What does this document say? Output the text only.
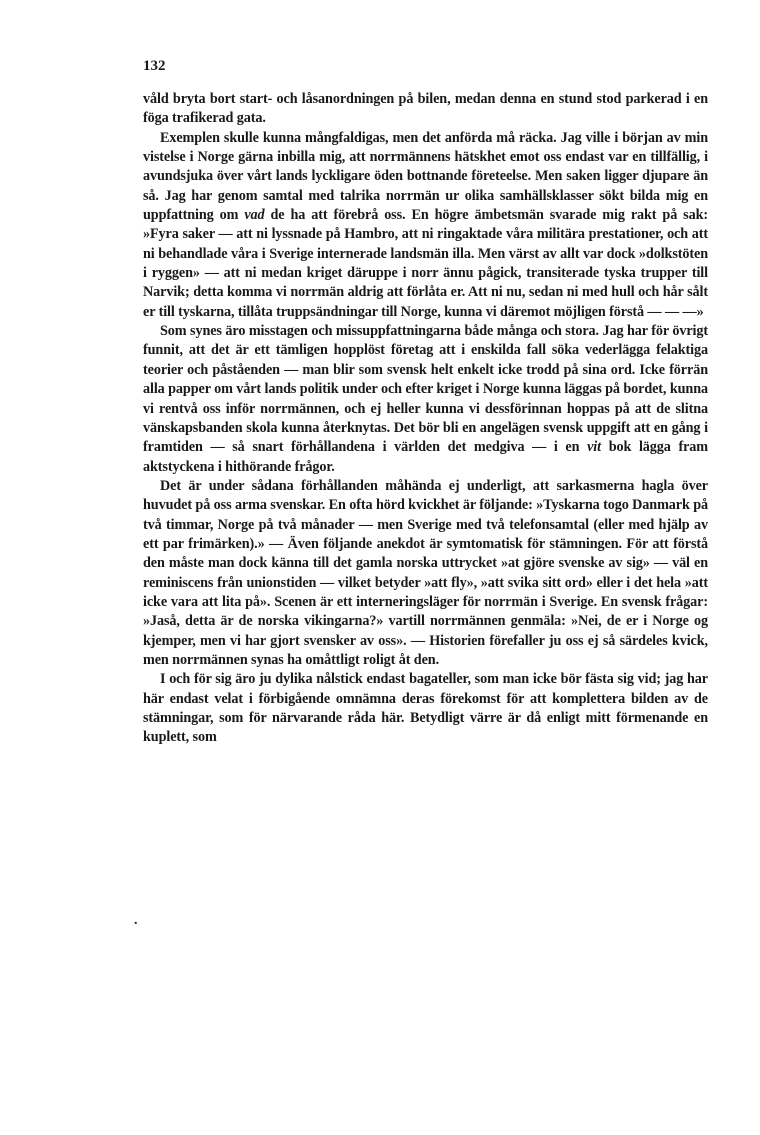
132

våld bryta bort start- och låsanordningen på bilen, medan denna en stund stod parkerad i en föga trafikerad gata.

Exemplen skulle kunna mångfaldigas, men det anförda må räcka. Jag ville i början av min vistelse i Norge gärna inbilla mig, att norrmännens hätskhet emot oss endast var en tillfällig, i avundsjuka över vårt lands lyckligare öden bottnande företeelse. Men saken ligger djupare än så. Jag har genom samtal med talrika norrmän ur olika samhällsklasser sökt bilda mig en uppfattning om vad de ha att förebrå oss. En högre ämbetsmän svarade mig rakt på sak: »Fyra saker — att ni lyssnade på Hambro, att ni ringaktade våra militära prestationer, och att ni behandlade våra i Sverige internerade landsmän illa. Men värst av allt var dock »dolkstöten i ryggen» — att ni medan kriget däruppe i norr ännu pågick, transiterade tyska trupper till Narvik; detta komma vi norrmän aldrig att förlåta er. Att ni nu, sedan ni med hull och hår sålt er till tyskarna, tillåta truppsändningar till Norge, kunna vi däremot möjligen förstå — — —»

Som synes äro misstagen och missuppfattningarna både många och stora. Jag har för övrigt funnit, att det är ett tämligen hopplöst företag att i enskilda fall söka vederlägga felaktiga teorier och påståenden — man blir som svensk helt enkelt icke trodd på sina ord. Icke förrän alla papper om vårt lands politik under och efter kriget i Norge kunna läggas på bordet, kunna vi rentvå oss inför norrmännen, och ej heller kunna vi dessförinnan hoppas på att de slitna vänskapsbanden skola kunna återknytas. Det bör bli en angelägen svensk uppgift att en gång i framtiden — så snart förhållandena i världen det medgiva — i en vit bok lägga fram aktstyckena i hithörande frågor.

Det är under sådana förhållanden måhända ej underligt, att sarkasmerna hagla över huvudet på oss arma svenskar. En ofta hörd kvickhet är följande: »Tyskarna togo Danmark på två timmar, Norge på två månader — men Sverige med två telefonsamtal (eller med hjälp av ett par frimärken).» — Även följande anekdot är symtomatisk för stämningen. För att förstå den måste man dock känna till det gamla norska uttrycket »at gjöre svenske av sig» — väl en reminiscens från unionstiden — vilket betyder »att fly», »att svika sitt ord» eller i det hela »att icke vara att lita på». Scenen är ett interneringsläger för norrmän i Sverige. En svensk frågar: »Jaså, detta är de norska vikingarna?» vartill norrmännen genmäla: »Nei, de er i Norge og kjemper, men vi har gjort svensker av oss». — Historien förefaller ju oss ej så särdeles kvick, men norrmännen synas ha omåttligt roligt åt den.

I och för sig äro ju dylika nålstick endast bagateller, som man icke bör fästa sig vid; jag har här endast velat i förbigående omnämna deras förekomst för att komplettera bilden av de stämningar, som för närvarande råda här. Betydligt värre är då enligt mitt förmenande en kuplett, som

.
